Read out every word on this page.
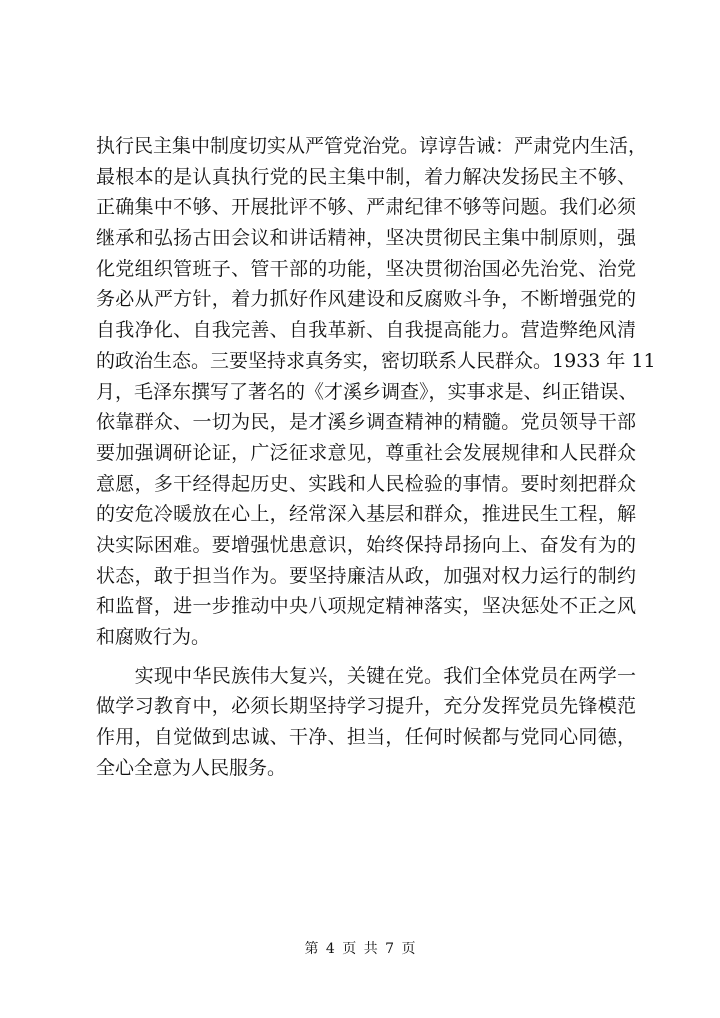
执行民主集中制度切实从严管党治党。谆谆告诫：严肃党内生活，
最根本的是认真执行党的民主集中制，着力解决发扬民主不够、
正确集中不够、开展批评不够、严肃纪律不够等问题。我们必须
继承和弘扬古田会议和讲话精神，坚决贯彻民主集中制原则，强
化党组织管班子、管干部的功能，坚决贯彻治国必先治党、治党
务必从严方针，着力抓好作风建设和反腐败斗争，不断增强党的
自我净化、自我完善、自我革新、自我提高能力。营造弊绝风清
的政治生态。三要坚持求真务实，密切联系人民群众。1933 年 11
月，毛泽东撰写了著名的《才溪乡调查》，实事求是、纠正错误、
依靠群众、一切为民，是才溪乡调查精神的精髓。党员领导干部
要加强调研论证，广泛征求意见，尊重社会发展规律和人民群众
意愿，多干经得起历史、实践和人民检验的事情。要时刻把群众
的安危冷暖放在心上，经常深入基层和群众，推进民生工程，解
决实际困难。要增强忧患意识，始终保持昂扬向上、奋发有为的
状态，敢于担当作为。要坚持廉洁从政，加强对权力运行的制约
和监督，进一步推动中央八项规定精神落实，坚决惩处不正之风
和腐败行为。
　　实现中华民族伟大复兴，关键在党。我们全体党员在两学一
做学习教育中，必须长期坚持学习提升，充分发挥党员先锋模范
作用，自觉做到忠诚、干净、担当，任何时候都与党同心同德，
全心全意为人民服务。
第 4 页 共 7 页
